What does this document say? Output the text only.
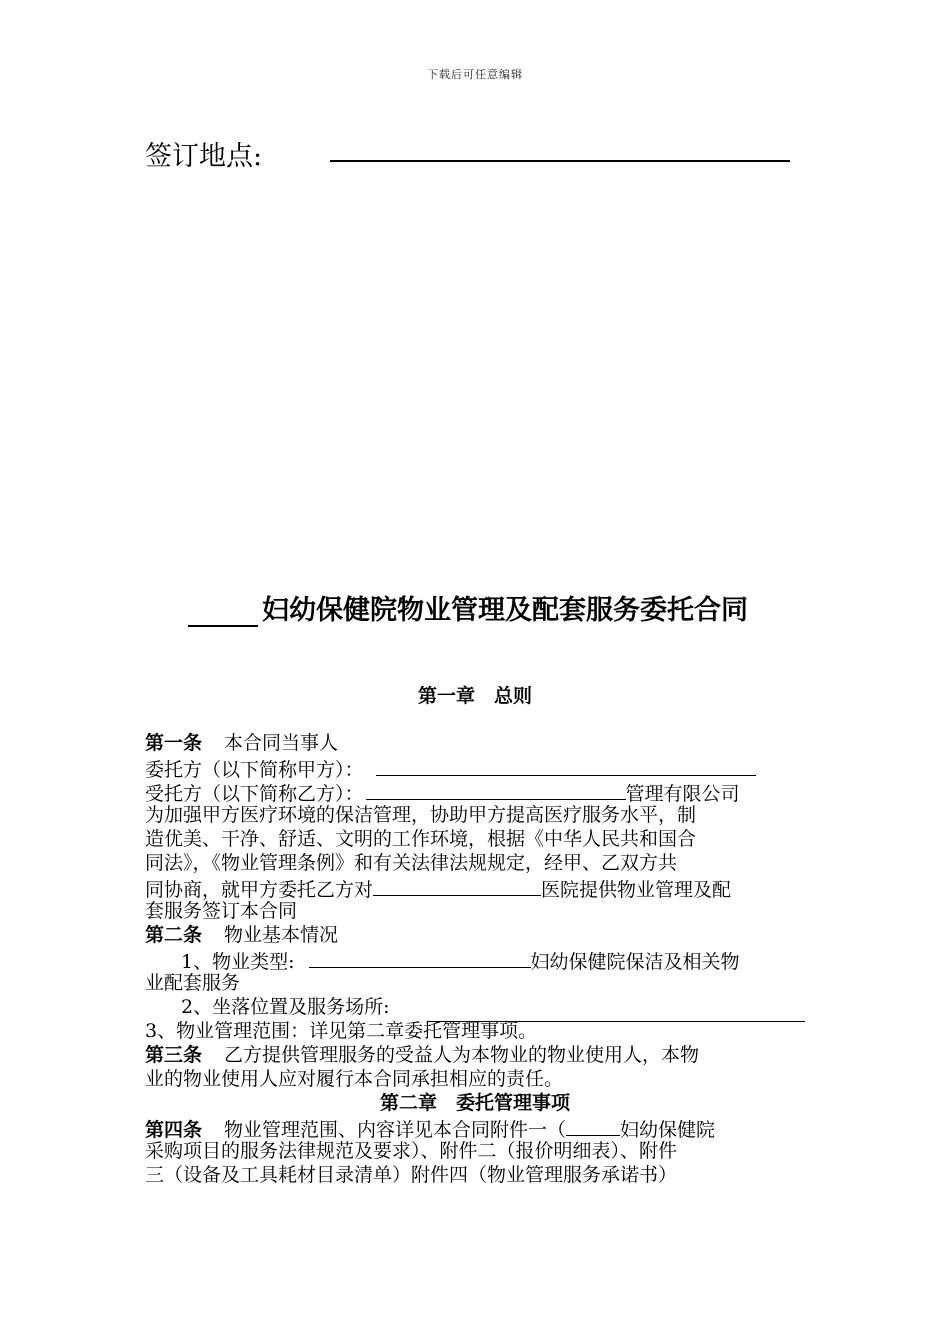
下载后可任意编辑
签订地点:
妇幼保健院物业管理及配套服务委托合同
第一章　总则
第一条 本合同当事人
委托方（以下简称甲方）：
受托方（以下简称乙方）：	管理有限公司
为加强甲方医疗环境的保洁管理，协助甲方提高医疗服务水平，制
造优美、干净、舒适、文明的工作环境，根据《中华人民共和国合
同法》，《物业管理条例》和有关法律法规规定，经甲、乙双方共
同协商，就甲方委托乙方对	医院提供物业管理及配
套服务签订本合同
第二条 物业基本情况
1、物业类型:	妇幼保健院保洁及相关物
业配套服务
2、坐落位置及服务场所:
3、物业管理范围：详见第二章委托管理事项。
第三条 乙方提供管理服务的受益人为本物业的物业使用人，本物
业的物业使用人应对履行本合同承担相应的责任。
第二章　委托管理事项
第四条 物业管理范围、内容详见本合同附件一（	妇幼保健院
采购项目的服务法律规范及要求）、附件二（报价明细表）、附件
三（设备及工具耗材目录清单）附件四（物业管理服务承诺书）
